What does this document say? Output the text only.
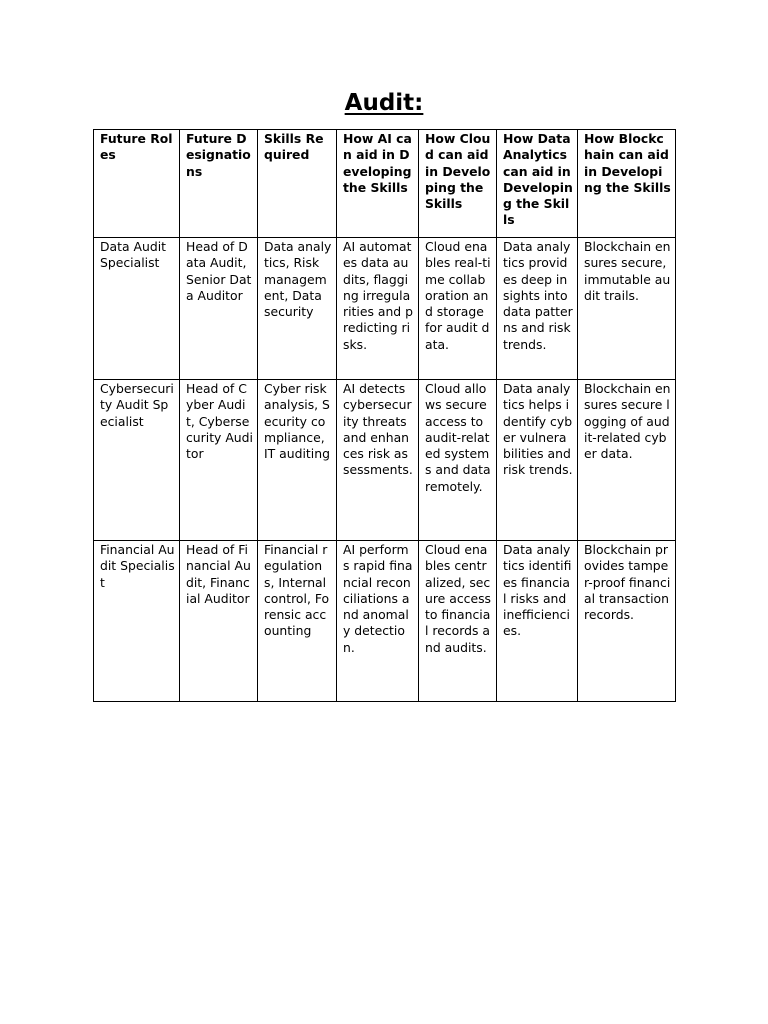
Audit:
Future Roles	Future Designations	Skills Required	How AI can aid in Developing the Skills	How Cloud can aid in Developing the Skills	How Data Analytics can aid in Developing the Skills	How Blockchain can aid in Developing the Skills
Data Audit Specialist	Head of Data Audit, Senior Data Auditor	Data analytics, Risk management, Data security	AI automates data audits, flagging irregularities and predicting risks.	Cloud enables real-time collaboration and storage for audit data.	Data analytics provides deep insights into data patterns and risk trends.	Blockchain ensures secure, immutable audit trails.
Cybersecurity Audit Specialist	Head of Cyber Audit, Cybersecurity Auditor	Cyber risk analysis, Security compliance, IT auditing	AI detects cybersecurity threats and enhances risk assessments.	Cloud allows secure access to audit-related systems and data remotely.	Data analytics helps identify cyber vulnerabilities and risk trends.	Blockchain ensures secure logging of audit-related cyber data.
Financial Audit Specialist	Head of Financial Audit, Financial Auditor	Financial regulations, Internal control, Forensic accounting	AI performs rapid financial reconciliations and anomaly detection.	Cloud enables centralized, secure access to financial records and audits.	Data analytics identifies financial risks and inefficiencies.	Blockchain provides tamper-proof financial transaction records.
